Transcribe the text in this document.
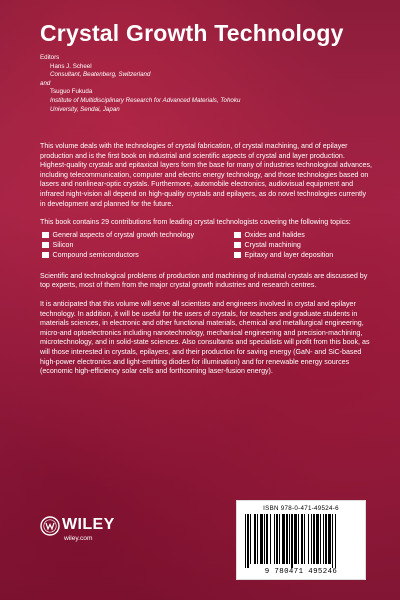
Crystal Growth Technology
Editors
Hans J. Scheel
Consultant, Beatenberg, Switzerland
and
Tsuguo Fukuda
Institute of Multidisciplinary Research for Advanced Materials, Tohoku
University, Sendai, Japan

This volume deals with the technologies of crystal fabrication, of crystal machining, and of epilayer production and is the first book on industrial and scientific aspects of crystal and layer production. Highest-quality crystals and epitaxical layers form the base for many of industries technological advances, including telecommunication, computer and electric energy technology, and those technologies based on lasers and nonlinear-optic crystals. Furthermore, automobile electronics, audiovisual equipment and infrared night-vision all depend on high-quality crystals and epilayers, as do novel technologies currently in development and planned for the future.

This book contains 29 contributions from leading crystal technologists covering the following topics:

General aspects of crystal growth technology	Oxides and halides
Silicon	Crystal machining
Compound semiconductors	Epitaxy and layer deposition

Scientific and technological problems of production and machining of industrial crystals are discussed by top experts, most of them from the major crystal growth industries and research centres.

It is anticipated that this volume will serve all scientists and engineers involved in crystal and epilayer technology. In addition, it will be useful for the users of crystals, for teachers and graduate students in materials sciences, in electronic and other functional materials, chemical and metallurgical engineering, micro-and optoelectronics including nanotechnology, mechanical engineering and precision-machining, microtechnology, and in solid-state sciences. Also consultants and specialists will profit from this book, as will those interested in crystals, epilayers, and their production for saving energy (GaN- and SiC-based high-power electronics and light-emitting diodes for illumination) and for renewable energy sources (economic high-efficiency solar cells and forthcoming laser-fusion energy).

WILEY
wiley.com
ISBN 978-0-471-49524-6
9 780471 495246
